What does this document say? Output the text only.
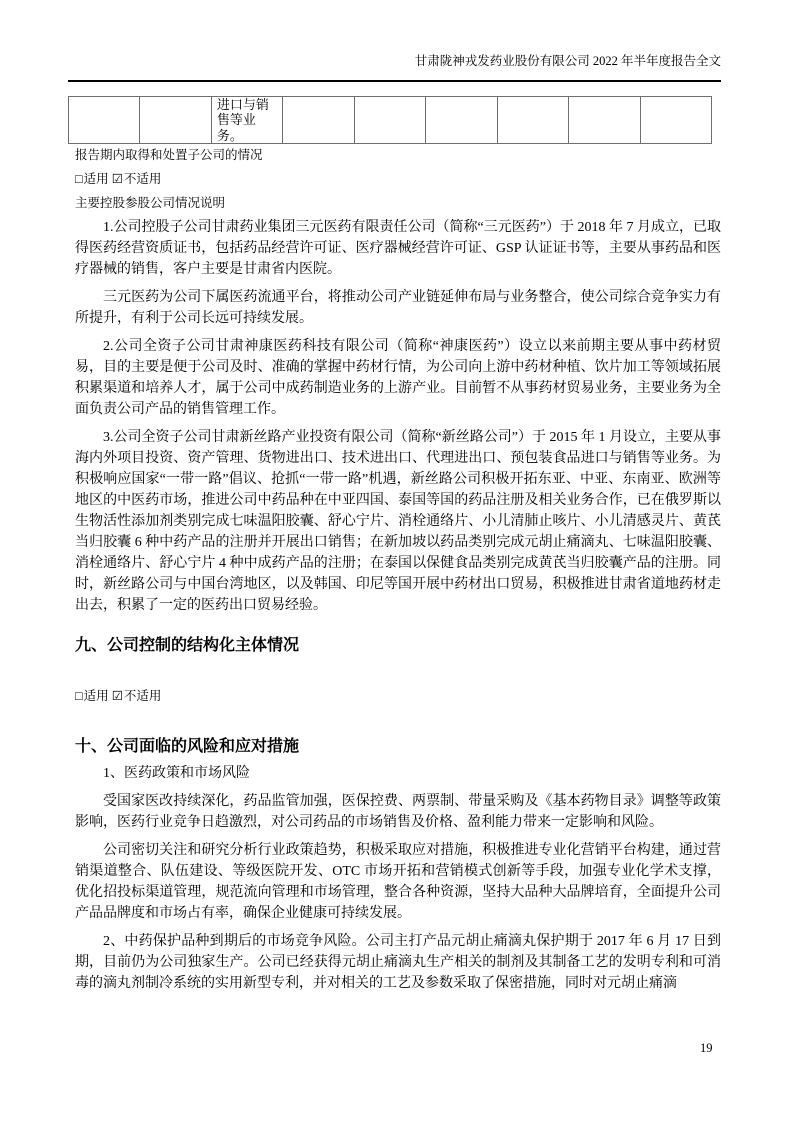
甘肃陇神戎发药业股份有限公司 2022 年半年度报告全文
		进口与销售等业务。						
报告期内取得和处置子公司的情况
□适用 ☑不适用
主要控股参股公司情况说明

1.公司控股子公司甘肃药业集团三元医药有限责任公司（简称“三元医药”）于 2018 年 7 月成立，已取得医药经营资质证书，包括药品经营许可证、医疗器械经营许可证、GSP 认证证书等，主要从事药品和医疗器械的销售，客户主要是甘肃省内医院。

三元医药为公司下属医药流通平台，将推动公司产业链延伸布局与业务整合，使公司综合竞争实力有所提升，有利于公司长远可持续发展。

2.公司全资子公司甘肃神康医药科技有限公司（简称“神康医药”）设立以来前期主要从事中药材贸易，目的主要是便于公司及时、准确的掌握中药材行情，为公司向上游中药材种植、饮片加工等领域拓展积累渠道和培养人才，属于公司中成药制造业务的上游产业。目前暂不从事药材贸易业务，主要业务为全面负责公司产品的销售管理工作。

3.公司全资子公司甘肃新丝路产业投资有限公司（简称“新丝路公司”）于 2015 年 1 月设立，主要从事海内外项目投资、资产管理、货物进出口、技术进出口、代理进出口、预包装食品进口与销售等业务。为积极响应国家“一带一路”倡议、抢抓“一带一路”机遇，新丝路公司积极开拓东亚、中亚、东南亚、欧洲等地区的中医药市场，推进公司中药品种在中亚四国、泰国等国的药品注册及相关业务合作，已在俄罗斯以生物活性添加剂类别完成七味温阳胶囊、舒心宁片、消栓通络片、小儿清肺止咳片、小儿清感灵片、黄芪当归胶囊 6 种中药产品的注册并开展出口销售；在新加坡以药品类别完成元胡止痛滴丸、七味温阳胶囊、消栓通络片、舒心宁片 4 种中成药产品的注册；在泰国以保健食品类别完成黄芪当归胶囊产品的注册。同时，新丝路公司与中国台湾地区，以及韩国、印尼等国开展中药材出口贸易，积极推进甘肃省道地药材走出去，积累了一定的医药出口贸易经验。

九、公司控制的结构化主体情况
□适用 ☑不适用
十、公司面临的风险和应对措施

1、医药政策和市场风险

受国家医改持续深化，药品监管加强，医保控费、两票制、带量采购及《基本药物目录》调整等政策影响，医药行业竞争日趋激烈，对公司药品的市场销售及价格、盈利能力带来一定影响和风险。

公司密切关注和研究分析行业政策趋势，积极采取应对措施，积极推进专业化营销平台构建，通过营销渠道整合、队伍建设、等级医院开发、OTC 市场开拓和营销模式创新等手段，加强专业化学术支撑，优化招投标渠道管理，规范流向管理和市场管理，整合各种资源，坚持大品种大品牌培育，全面提升公司产品品牌度和市场占有率，确保企业健康可持续发展。

2、中药保护品种到期后的市场竞争风险。公司主打产品元胡止痛滴丸保护期于 2017 年 6 月 17 日到期，目前仍为公司独家生产。公司已经获得元胡止痛滴丸生产相关的制剂及其制备工艺的发明专利和可消毒的滴丸剂制冷系统的实用新型专利，并对相关的工艺及参数采取了保密措施，同时对元胡止痛滴

19
